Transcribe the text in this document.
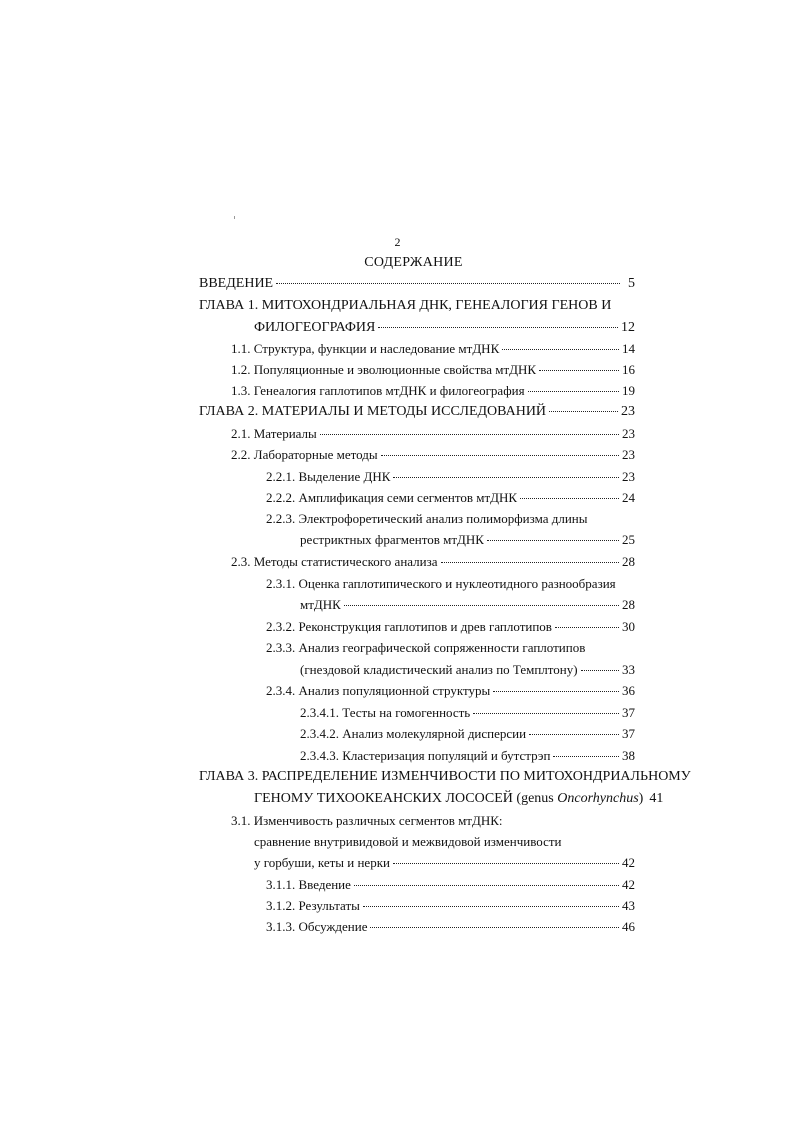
2
СОДЕРЖАНИЕ
ВВЕДЕНИЕ	5
ГЛАВА 1. МИТОХОНДРИАЛЬНАЯ ДНК, ГЕНЕАЛОГИЯ ГЕНОВ И
ФИЛОГЕОГРАФИЯ	12
1.1. Структура, функции и наследование мтДНК	14
1.2. Популяционные и эволюционные свойства мтДНК	16
1.3. Генеалогия гаплотипов мтДНК и филогеография	19
ГЛАВА 2. МАТЕРИАЛЫ И МЕТОДЫ ИССЛЕДОВАНИЙ	23
2.1. Материалы	23
2.2. Лабораторные методы	23
2.2.1. Выделение ДНК	23
2.2.2. Амплификация семи сегментов мтДНК	24
2.2.3. Электрофоретический анализ полиморфизма длины
рестриктных фрагментов мтДНК	25
2.3. Методы статистического анализа	28
2.3.1. Оценка гаплотипического и нуклеотидного разнообразия
мтДНК	28
2.3.2. Реконструкция гаплотипов и древ гаплотипов	30
2.3.3. Анализ географической сопряженности гаплотипов
(гнездовой кладистический анализ по Темплтону)	33
2.3.4. Анализ популяционной структуры	36
2.3.4.1. Тесты на гомогенность	37
2.3.4.2. Анализ молекулярной дисперсии	37
2.3.4.3. Кластеризация популяций и бутстрэп	38
ГЛАВА 3. РАСПРЕДЕЛЕНИЕ ИЗМЕНЧИВОСТИ ПО МИТОХОНДРИАЛЬНОМУ
ГЕНОМУ ТИХООКЕАНСКИХ ЛОСОСЕЙ (genus Oncorhynchus) 41
3.1. Изменчивость различных сегментов мтДНК:
сравнение внутривидовой и межвидовой изменчивости
у горбуши, кеты и нерки	42
3.1.1. Введение	42
3.1.2. Результаты	43
3.1.3. Обсуждение	46
